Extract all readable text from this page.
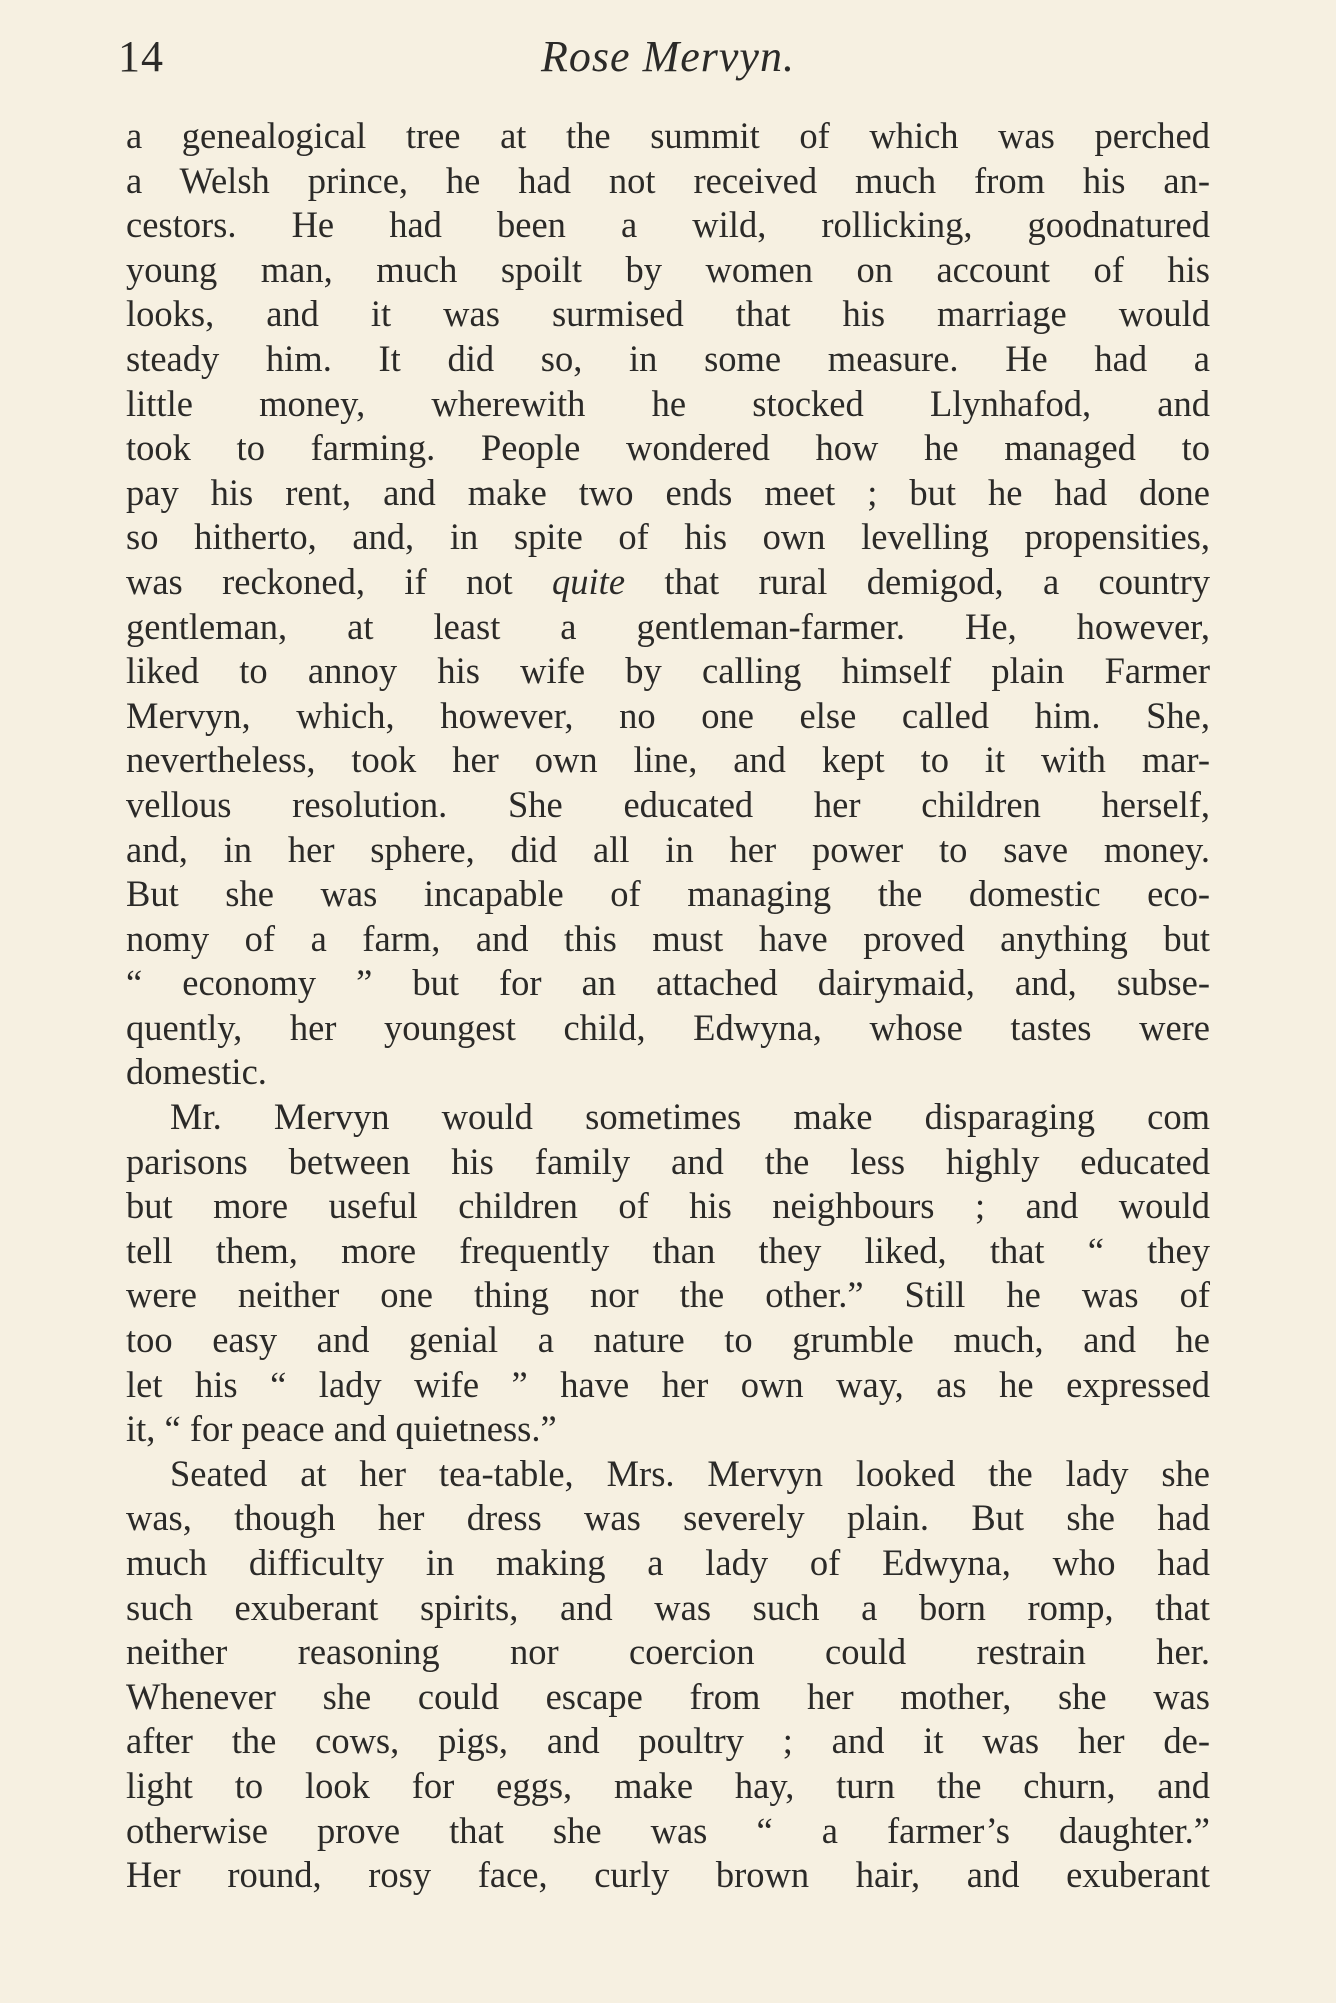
14	Rose Mervyn.
a genealogical tree at the summit of which was perched
a Welsh prince, he had not received much from his an-
cestors. He had been a wild, rollicking, goodnatured
young man, much spoilt by women on account of his
looks, and it was surmised that his marriage would
steady him. It did so, in some measure. He had a
little money, wherewith he stocked Llynhafod, and
took to farming. People wondered how he managed to
pay his rent, and make two ends meet ; but he had done
so hitherto, and, in spite of his own levelling propensities,
was reckoned, if not quite that rural demigod, a country
gentleman, at least a gentleman-farmer. He, however,
liked to annoy his wife by calling himself plain Farmer
Mervyn, which, however, no one else called him. She,
nevertheless, took her own line, and kept to it with mar-
vellous resolution. She educated her children herself,
and, in her sphere, did all in her power to save money.
But she was incapable of managing the domestic eco-
nomy of a farm, and this must have proved anything but
“ economy ” but for an attached dairymaid, and, subse-
quently, her youngest child, Edwyna, whose tastes were
domestic.
Mr. Mervyn would sometimes make disparaging com
parisons between his family and the less highly educated
but more useful children of his neighbours ; and would
tell them, more frequently than they liked, that “ they
were neither one thing nor the other.” Still he was of
too easy and genial a nature to grumble much, and he
let his “ lady wife ” have her own way, as he expressed
it, “ for peace and quietness.”
Seated at her tea-table, Mrs. Mervyn looked the lady she
was, though her dress was severely plain. But she had
much difficulty in making a lady of Edwyna, who had
such exuberant spirits, and was such a born romp, that
neither reasoning nor coercion could restrain her.
Whenever she could escape from her mother, she was
after the cows, pigs, and poultry ; and it was her de-
light to look for eggs, make hay, turn the churn, and
otherwise prove that she was “ a farmer’s daughter.”
Her round, rosy face, curly brown hair, and exuberant
